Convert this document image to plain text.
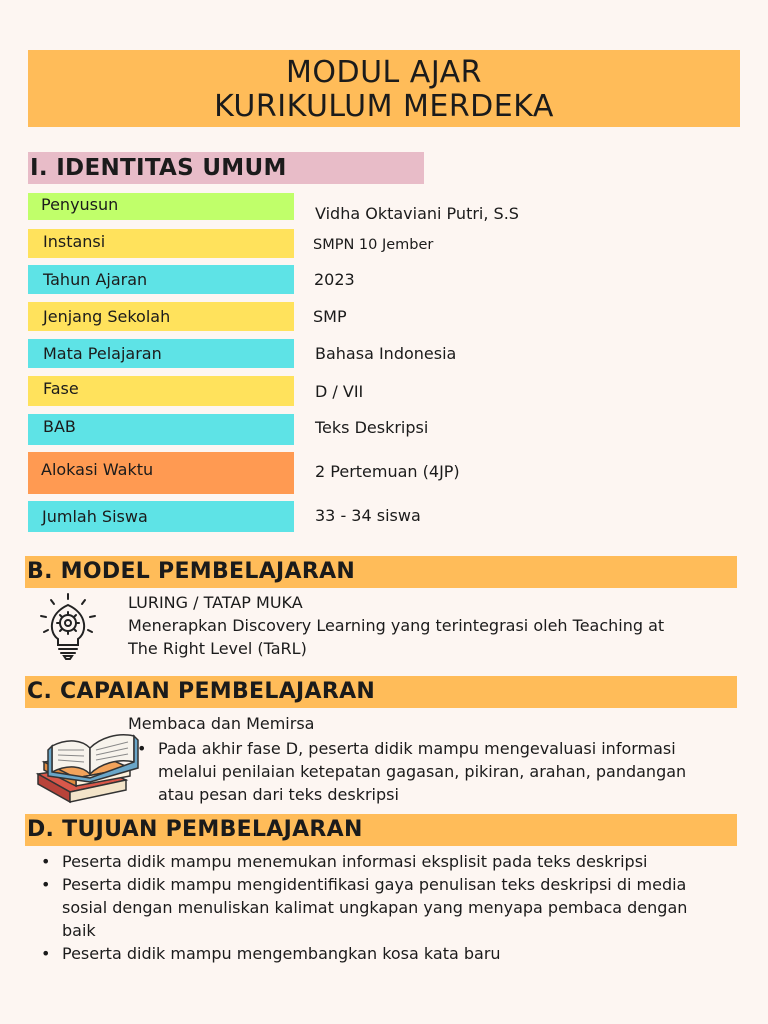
MODUL AJAR
KURIKULUM MERDEKA
I. IDENTITAS UMUM
Penyusun	Vidha Oktaviani Putri, S.S
Instansi	SMPN 10 Jember
Tahun Ajaran	2023
Jenjang Sekolah	SMP
Mata Pelajaran	Bahasa Indonesia
Fase	D / VII
BAB	Teks Deskripsi
Alokasi Waktu	2 Pertemuan (4JP)
Jumlah Siswa	33 - 34 siswa
B. MODEL PEMBELAJARAN
LURING / TATAP MUKA
Menerapkan Discovery Learning yang terintegrasi oleh Teaching at
The Right Level (TaRL)
C. CAPAIAN PEMBELAJARAN
Membaca dan Memirsa
• Pada akhir fase D, peserta didik mampu mengevaluasi informasi
melalui penilaian ketepatan gagasan, pikiran, arahan, pandangan
atau pesan dari teks deskripsi
D. TUJUAN PEMBELAJARAN
• Peserta didik mampu menemukan informasi eksplisit pada teks deskripsi
• Peserta didik mampu mengidentifikasi gaya penulisan teks deskripsi di media
sosial dengan menuliskan kalimat ungkapan yang menyapa pembaca dengan
baik
• Peserta didik mampu mengembangkan kosa kata baru
